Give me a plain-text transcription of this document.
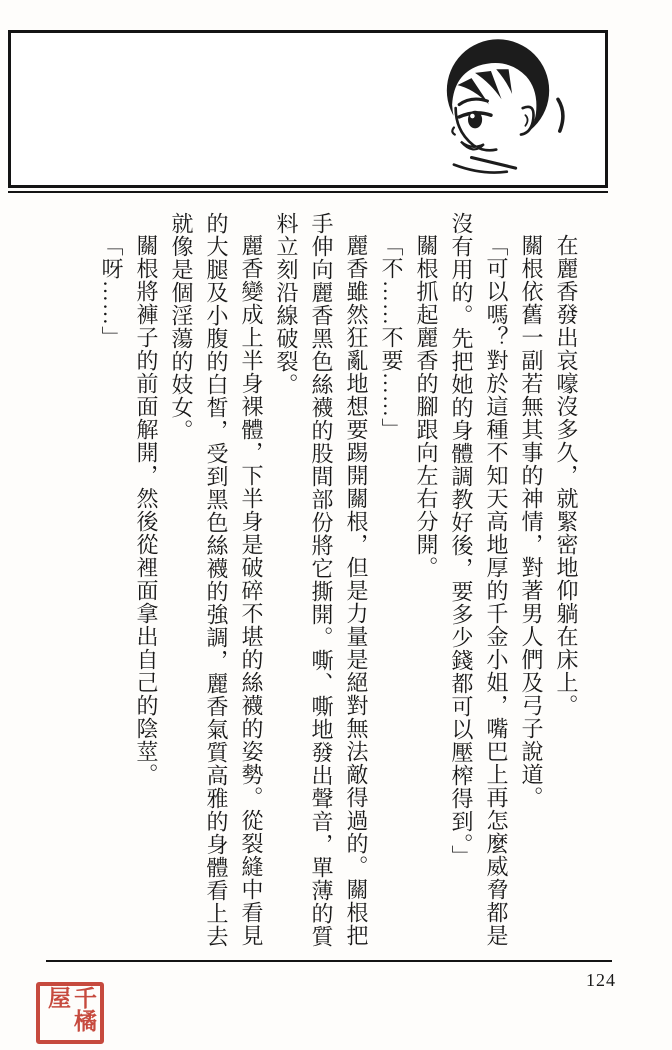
在麗香發出哀嚎沒多久，就緊密地仰躺在床上。

關根依舊一副若無其事的神情，對著男人們及弓子說道。

「可以嗎？對於這種不知天高地厚的千金小姐，嘴巴上再怎麼威脅都是沒有用的。先把她的身體調教好後，要多少錢都可以壓榨得到。」

關根抓起麗香的腳跟向左右分開。

「不……不要……」

麗香雖然狂亂地想要踢開關根，但是力量是絕對無法敵得過的。關根把手伸向麗香黑色絲襪的股間部份將它撕開。嘶、嘶地發出聲音，單薄的質料立刻沿線破裂。

麗香變成上半身裸體，下半身是破碎不堪的絲襪的姿勢。從裂縫中看見的大腿及小腹的白皙，受到黑色絲襪的強調，麗香氣質高雅的身體看上去就像是個淫蕩的妓女。

關根將褲子的前面解開，然後從裡面拿出自己的陰莖。

「呀……」

124
千橘屋
